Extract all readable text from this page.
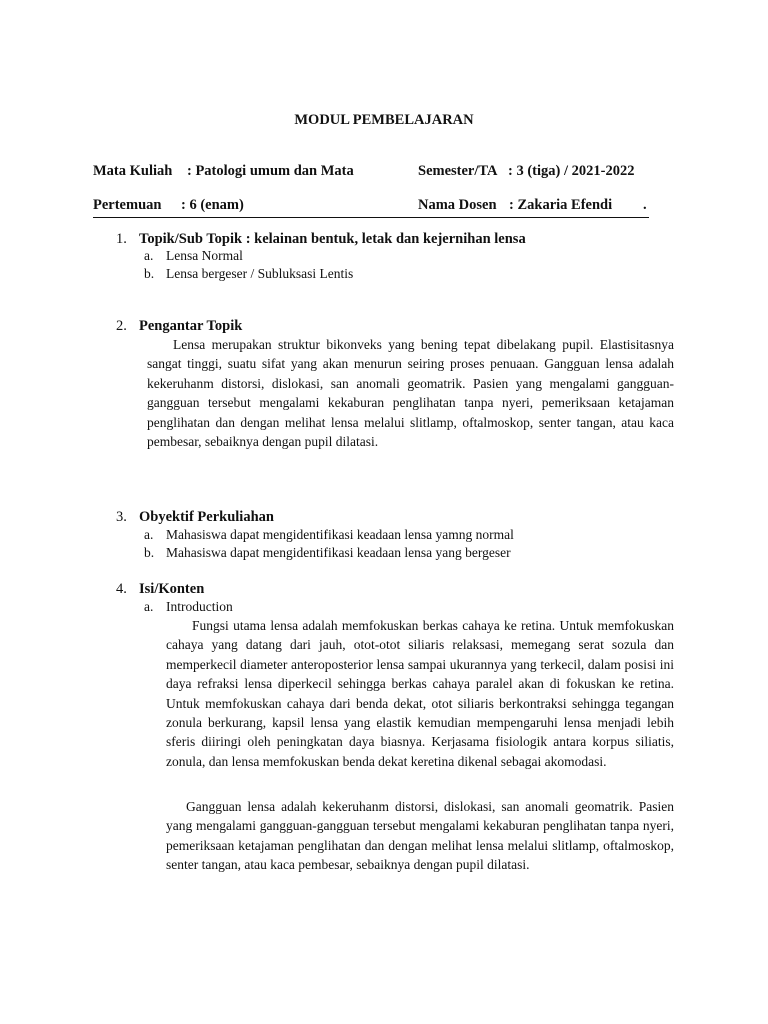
MODUL PEMBELAJARAN
Mata Kuliah : Patologi umum dan Mata	Semester/TA : 3 (tiga) / 2021-2022
Pertemuan : 6 (enam)	Nama Dosen : Zakaria Efendi .
1. Topik/Sub Topik : kelainan bentuk, letak dan kejernihan lensa
a. Lensa Normal
b. Lensa bergeser / Subluksasi Lentis
2. Pengantar Topik

Lensa merupakan struktur bikonveks yang bening tepat dibelakang pupil. Elastisitasnya sangat tinggi, suatu sifat yang akan menurun seiring proses penuaan. Gangguan lensa adalah kekeruhanm distorsi, dislokasi, san anomali geomatrik. Pasien yang mengalami gangguan-gangguan tersebut mengalami kekaburan penglihatan tanpa nyeri, pemeriksaan ketajaman penglihatan dan dengan melihat lensa melalui slitlamp, oftalmoskop, senter tangan, atau kaca pembesar, sebaiknya dengan pupil dilatasi.

3. Obyektif Perkuliahan
a. Mahasiswa dapat mengidentifikasi keadaan lensa yamng normal
b. Mahasiswa dapat mengidentifikasi keadaan lensa yang bergeser
4. Isi/Konten
a. Introduction

Fungsi utama lensa adalah memfokuskan berkas cahaya ke retina. Untuk memfokuskan cahaya yang datang dari jauh, otot-otot siliaris relaksasi, memegang serat sozula dan memperkecil diameter anteroposterior lensa sampai ukurannya yang terkecil, dalam posisi ini daya refraksi lensa diperkecil sehingga berkas cahaya paralel akan di fokuskan ke retina. Untuk memfokuskan cahaya dari benda dekat, otot siliaris berkontraksi sehingga tegangan zonula berkurang, kapsil lensa yang elastik kemudian mempengaruhi lensa menjadi lebih sferis diiringi oleh peningkatan daya biasnya. Kerjasama fisiologik antara korpus siliatis, zonula, dan lensa memfokuskan benda dekat keretina dikenal sebagai akomodasi.

Gangguan lensa adalah kekeruhanm distorsi, dislokasi, san anomali geomatrik. Pasien yang mengalami gangguan-gangguan tersebut mengalami kekaburan penglihatan tanpa nyeri, pemeriksaan ketajaman penglihatan dan dengan melihat lensa melalui slitlamp, oftalmoskop, senter tangan, atau kaca pembesar, sebaiknya dengan pupil dilatasi.
